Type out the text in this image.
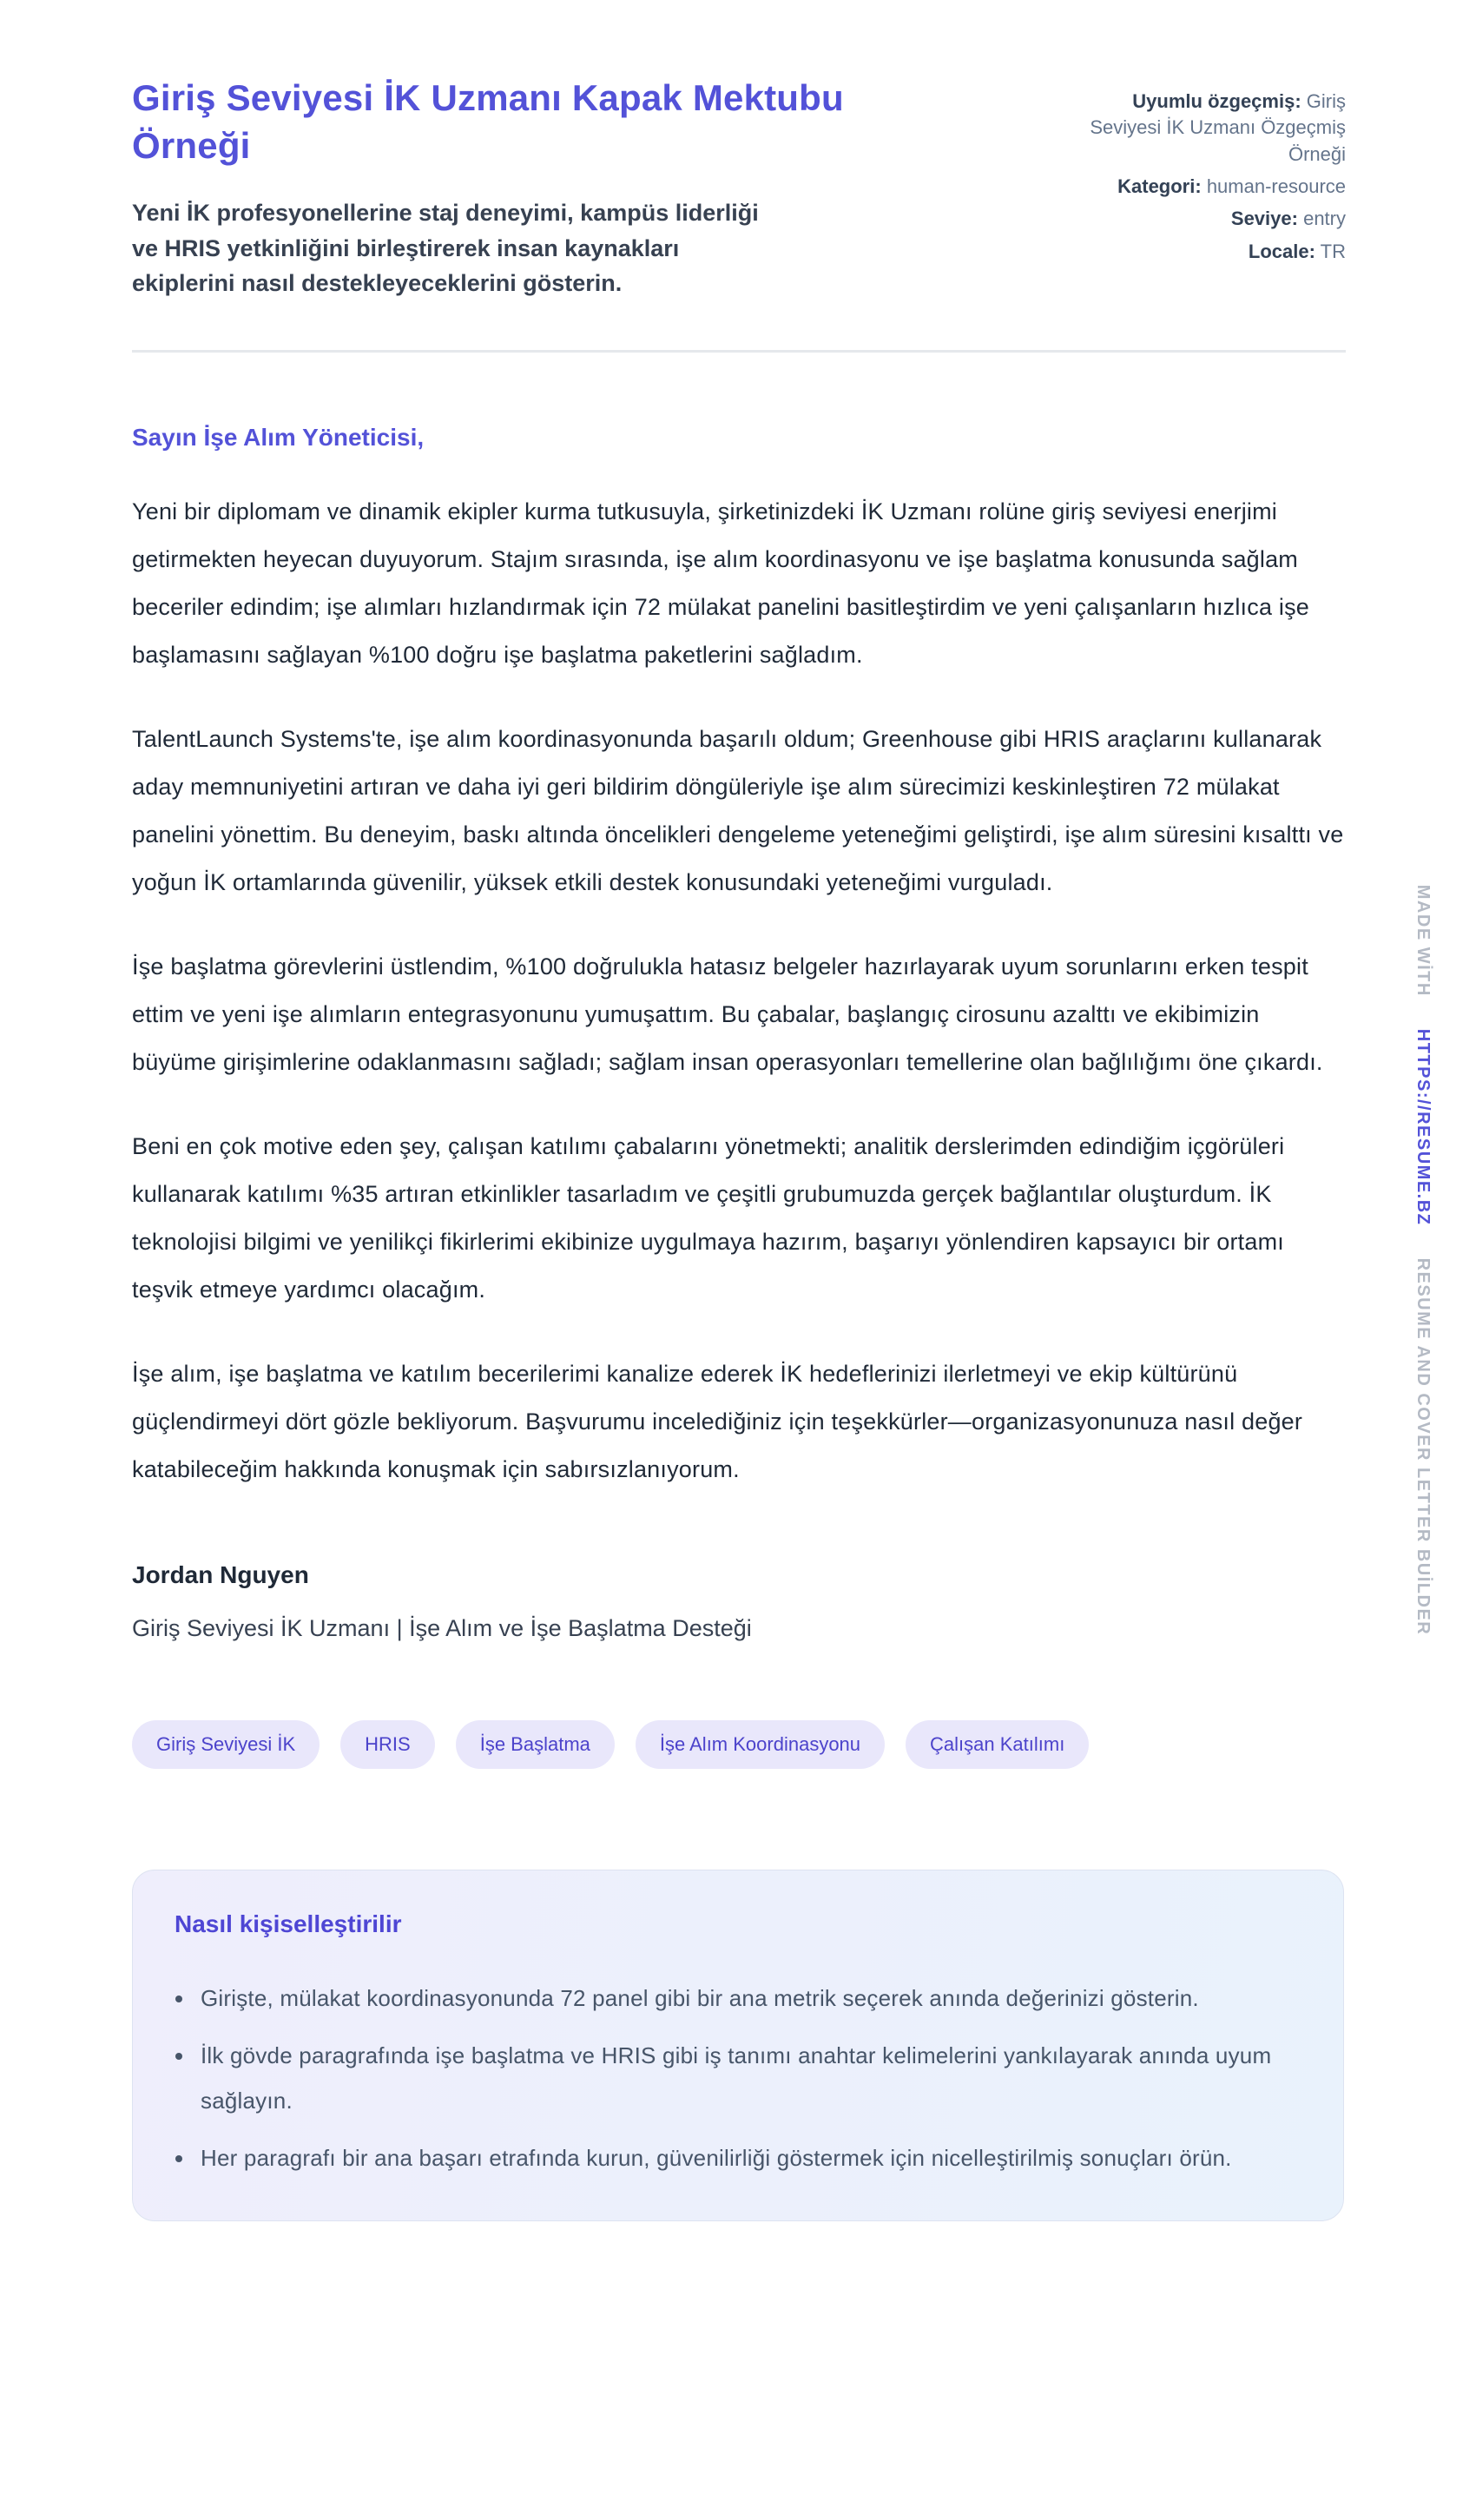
Giriş Seviyesi İK Uzmanı Kapak Mektubu Örneği
Yeni İK profesyonellerine staj deneyimi, kampüs liderliği ve HRIS yetkinliğini birleştirerek insan kaynakları ekiplerini nasıl destekleyeceklerini gösterin.
Uyumlu özgeçmiş: Giriş Seviyesi İK Uzmanı Özgeçmiş Örneği
Kategori: human-resource
Seviye: entry
Locale: TR
Sayın İşe Alım Yöneticisi,

Yeni bir diplomam ve dinamik ekipler kurma tutkusuyla, şirketinizdeki İK Uzmanı rolüne giriş seviyesi enerjimi getirmekten heyecan duyuyorum. Stajım sırasında, işe alım koordinasyonu ve işe başlatma konusunda sağlam beceriler edindim; işe alımları hızlandırmak için 72 mülakat panelini basitleştirdim ve yeni çalışanların hızlıca işe başlamasını sağlayan %100 doğru işe başlatma paketlerini sağladım.

TalentLaunch Systems'te, işe alım koordinasyonunda başarılı oldum; Greenhouse gibi HRIS araçlarını kullanarak aday memnuniyetini artıran ve daha iyi geri bildirim döngüleriyle işe alım sürecimizi keskinleştiren 72 mülakat panelini yönettim. Bu deneyim, baskı altında öncelikleri dengeleme yeteneğimi geliştirdi, işe alım süresini kısalttı ve yoğun İK ortamlarında güvenilir, yüksek etkili destek konusundaki yeteneğimi vurguladı.

İşe başlatma görevlerini üstlendim, %100 doğrulukla hatasız belgeler hazırlayarak uyum sorunlarını erken tespit ettim ve yeni işe alımların entegrasyonunu yumuşattım. Bu çabalar, başlangıç cirosunu azalttı ve ekibimizin büyüme girişimlerine odaklanmasını sağladı; sağlam insan operasyonları temellerine olan bağlılığımı öne çıkardı.

Beni en çok motive eden şey, çalışan katılımı çabalarını yönetmekti; analitik derslerimden edindiğim içgörüleri kullanarak katılımı %35 artıran etkinlikler tasarladım ve çeşitli grubumuzda gerçek bağlantılar oluşturdum. İK teknolojisi bilgimi ve yenilikçi fikirlerimi ekibinize uygulmaya hazırım, başarıyı yönlendiren kapsayıcı bir ortamı teşvik etmeye yardımcı olacağım.

İşe alım, işe başlatma ve katılım becerilerimi kanalize ederek İK hedeflerinizi ilerletmeyi ve ekip kültürünü güçlendirmeyi dört gözle bekliyorum. Başvurumu incelediğiniz için teşekkürler—organizasyonunuza nasıl değer katabileceğim hakkında konuşmak için sabırsızlanıyorum.

Jordan Nguyen
Giriş Seviyesi İK Uzmanı | İşe Alım ve İşe Başlatma Desteği
Giriş Seviyesi İK	HRIS	İşe Başlatma	İşe Alım Koordinasyonu	Çalışan Katılımı
Nasıl kişiselleştirilir
• Girişte, mülakat koordinasyonunda 72 panel gibi bir ana metrik seçerek anında değerinizi gösterin.
• İlk gövde paragrafında işe başlatma ve HRIS gibi iş tanımı anahtar kelimelerini yankılayarak anında uyum sağlayın.
• Her paragrafı bir ana başarı etrafında kurun, güvenilirliği göstermek için nicelleştirilmiş sonuçları örün.
MADE WİTH HTTPS://RESUME.BZ RESUME AND COVER LETTER BUİLDER
